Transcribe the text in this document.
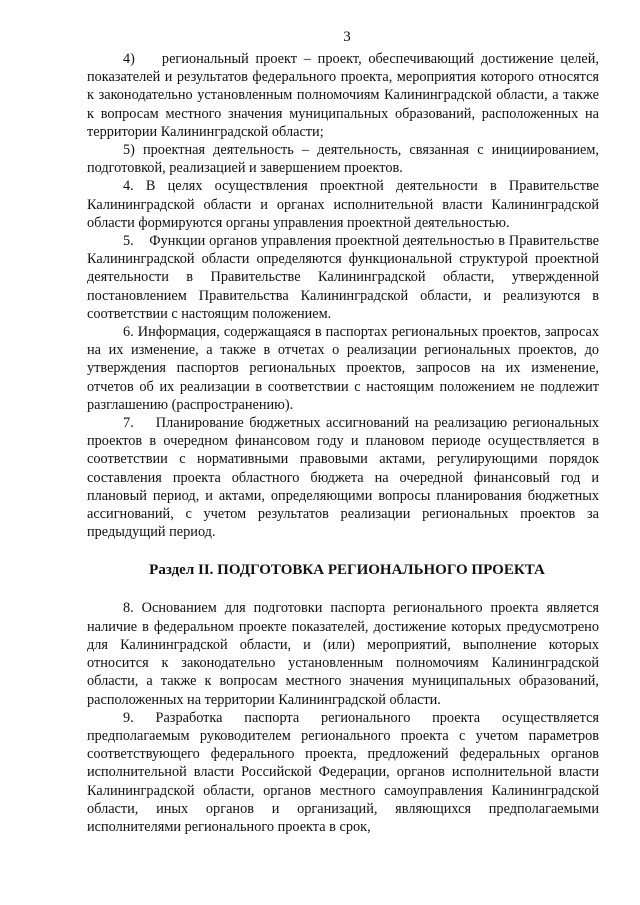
3

4)    региональный проект – проект, обеспечивающий достижение целей, показателей и результатов федерального проекта, мероприятия которого относятся к законодательно установленным полномочиям Калининградской области, а также к вопросам местного значения муниципальных образований, расположенных на территории Калининградской области;

5) проектная деятельность – деятельность, связанная с инициированием, подготовкой, реализацией и завершением проектов.

4. В целях осуществления проектной деятельности в Правительстве Калининградской области и органах исполнительной власти Калининградской области формируются органы управления проектной деятельностью.

5.    Функции органов управления проектной деятельностью в Правительстве Калининградской области определяются функциональной структурой проектной деятельности в Правительстве Калининградской области, утвержденной постановлением Правительства Калининградской области, и реализуются в соответствии с настоящим положением.

6. Информация, содержащаяся в паспортах региональных проектов, запросах на их изменение, а также в отчетах о реализации региональных проектов, до утверждения паспортов региональных проектов, запросов на их изменение, отчетов об их реализации в соответствии с настоящим положением не подлежит разглашению (распространению).

7.    Планирование бюджетных ассигнований на реализацию региональных проектов в очередном финансовом году и плановом периоде осуществляется в соответствии с нормативными правовыми актами, регулирующими порядок составления проекта областного бюджета на очередной финансовый год и плановый период, и актами, определяющими вопросы планирования бюджетных ассигнований, с учетом результатов реализации региональных проектов за предыдущий период.

Раздел II. ПОДГОТОВКА РЕГИОНАЛЬНОГО ПРОЕКТА

8. Основанием для подготовки паспорта регионального проекта является наличие в федеральном проекте показателей, достижение которых предусмотрено для Калининградской области, и (или) мероприятий, выполнение которых относится к законодательно установленным полномочиям Калининградской области, а также к вопросам местного значения муниципальных образований, расположенных на территории Калининградской области.

9. Разработка паспорта регионального проекта осуществляется предполагаемым руководителем регионального проекта с учетом параметров соответствующего федерального проекта, предложений федеральных органов исполнительной власти Российской Федерации, органов исполнительной власти Калининградской области, органов местного самоуправления Калининградской области, иных органов и организаций, являющихся предполагаемыми исполнителями регионального проекта в срок,
